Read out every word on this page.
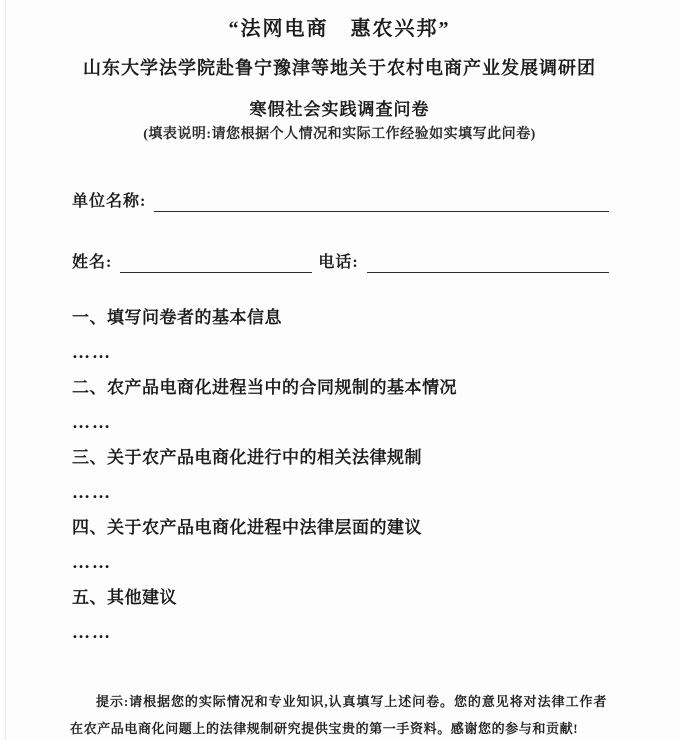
“法网电商　惠农兴邦”
山东大学法学院赴鲁宁豫津等地关于农村电商产业发展调研团
寒假社会实践调查问卷
(填表说明:请您根据个人情况和实际工作经验如实填写此问卷)
单位名称:
姓名:	电话:
一、填写问卷者的基本信息
……
二、农产品电商化进程当中的合同规制的基本情况
……
三、关于农产品电商化进行中的相关法律规制
……
四、关于农产品电商化进程中法律层面的建议
……
五、其他建议
……
提示:请根据您的实际情况和专业知识,认真填写上述问卷。您的意见将对法律工作者在农产品电商化问题上的法律规制研究提供宝贵的第一手资料。感谢您的参与和贡献!
